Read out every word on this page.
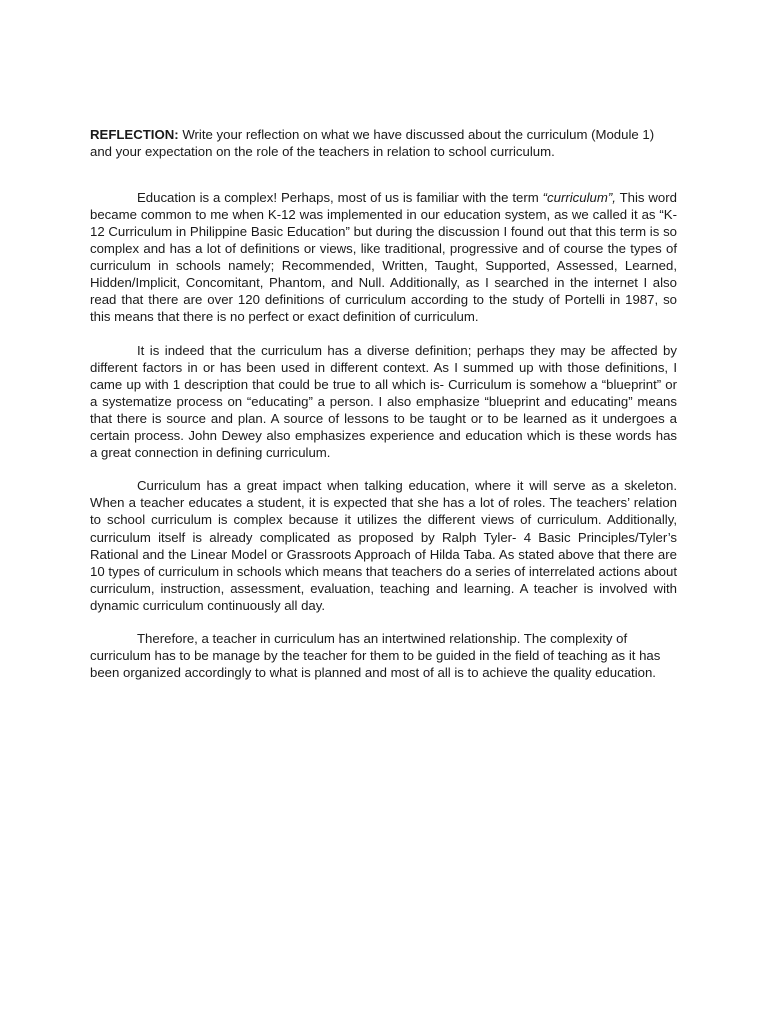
REFLECTION: Write your reflection on what we have discussed about the curriculum (Module 1) and your expectation on the role of the teachers in relation to school curriculum.

Education is a complex! Perhaps, most of us is familiar with the term “curriculum”, This word became common to me when K-12 was implemented in our education system, as we called it as “K-12 Curriculum in Philippine Basic Education” but during the discussion I found out that this term is so complex and has a lot of definitions or views, like traditional, progressive and of course the types of curriculum in schools namely; Recommended, Written, Taught, Supported, Assessed, Learned, Hidden/Implicit, Concomitant, Phantom, and Null. Additionally, as I searched in the internet I also read that there are over 120 definitions of curriculum according to the study of Portelli in 1987, so this means that there is no perfect or exact definition of curriculum.

It is indeed that the curriculum has a diverse definition; perhaps they may be affected by different factors in or has been used in different context. As I summed up with those definitions, I came up with 1 description that could be true to all which is- Curriculum is somehow a “blueprint” or a systematize process on “educating” a person. I also emphasize “blueprint and educating” means that there is source and plan. A source of lessons to be taught or to be learned as it undergoes a certain process. John Dewey also emphasizes experience and education which is these words has a great connection in defining curriculum.

Curriculum has a great impact when talking education, where it will serve as a skeleton. When a teacher educates a student, it is expected that she has a lot of roles. The teachers’ relation to school curriculum is complex because it utilizes the different views of curriculum. Additionally, curriculum itself is already complicated as proposed by Ralph Tyler- 4 Basic Principles/Tyler’s Rational and the Linear Model or Grassroots Approach of Hilda Taba. As stated above that there are 10 types of curriculum in schools which means that teachers do a series of interrelated actions about curriculum, instruction, assessment, evaluation, teaching and learning. A teacher is involved with dynamic curriculum continuously all day.

Therefore, a teacher in curriculum has an intertwined relationship. The complexity of curriculum has to be manage by the teacher for them to be guided in the field of teaching as it has been organized accordingly to what is planned and most of all is to achieve the quality education.
